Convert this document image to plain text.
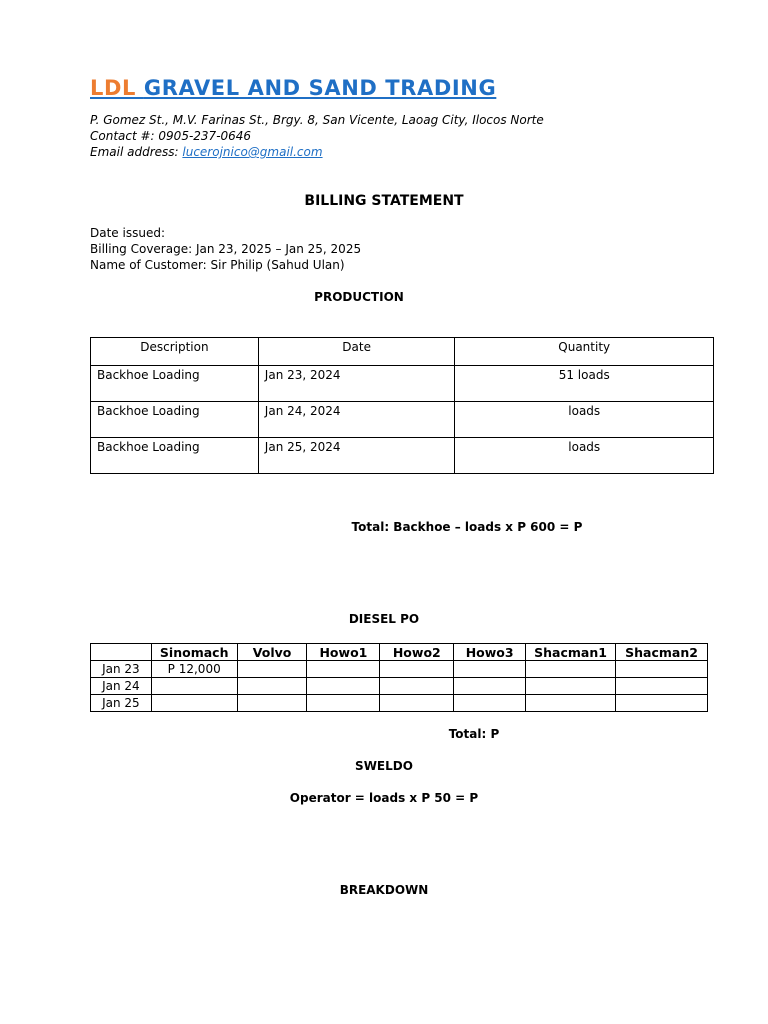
LDL GRAVEL AND SAND TRADING
P. Gomez St., M.V. Farinas St., Brgy. 8, San Vicente, Laoag City, Ilocos Norte
Contact #: 0905-237-0646
Email address: lucerojnico@gmail.com
BILLING STATEMENT
Date issued:
Billing Coverage: Jan 23, 2025 – Jan 25, 2025
Name of Customer: Sir Philip (Sahud Ulan)
PRODUCTION
Description	Date	Quantity
Backhoe Loading	Jan 23, 2024	51 loads
Backhoe Loading	Jan 24, 2024	loads
Backhoe Loading	Jan 25, 2024	loads
Total: Backhoe – loads x P 600 = P
DIESEL PO
	Sinomach	Volvo	Howo1	Howo2	Howo3	Shacman1	Shacman2
Jan 23	P 12,000						
Jan 24							
Jan 25							
Total: P
SWELDO
Operator = loads x P 50 = P
BREAKDOWN
